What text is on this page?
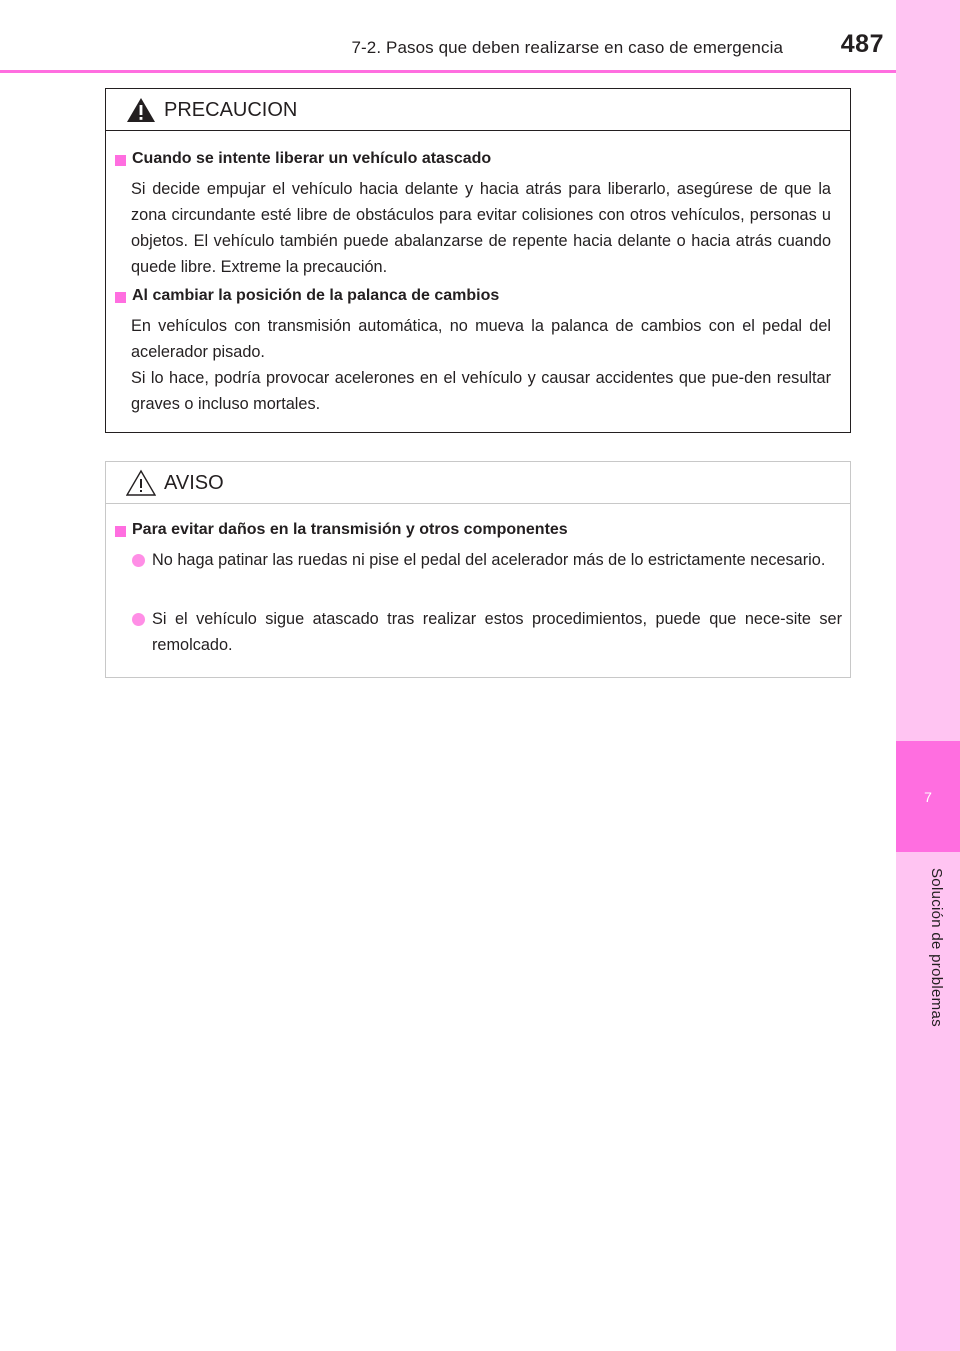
7-2. Pasos que deben realizarse en caso de emergencia 487
7
Solución de problemas
PRECAUCION
Cuando se intente liberar un vehículo atascado
Si decide empujar el vehículo hacia delante y hacia atrás para liberarlo, asegúrese de que la zona circundante esté libre de obstáculos para evitar colisiones con otros vehículos, personas u objetos. El vehículo también puede abalanzarse de repente hacia delante o hacia atrás cuando quede libre. Extreme la precaución.
Al cambiar la posición de la palanca de cambios
En vehículos con transmisión automática, no mueva la palanca de cambios con el pedal del acelerador pisado.
Si lo hace, podría provocar acelerones en el vehículo y causar accidentes que pue-den resultar graves o incluso mortales.
AVISO
Para evitar daños en la transmisión y otros componentes
No haga patinar las ruedas ni pise el pedal del acelerador más de lo estrictamente necesario.
Si el vehículo sigue atascado tras realizar estos procedimientos, puede que nece-site ser remolcado.
